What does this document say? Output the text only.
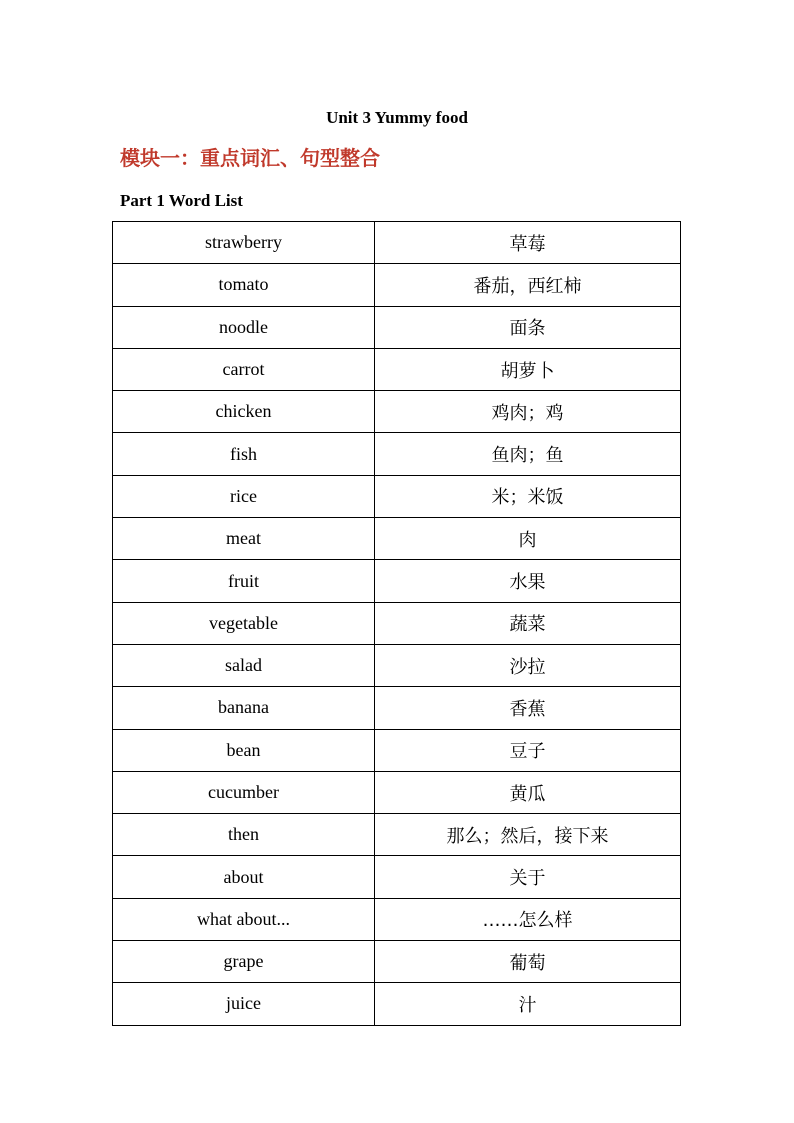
Unit 3 Yummy food
模块一：重点词汇、句型整合
Part 1 Word List
strawberry	草莓
tomato	番茄，西红柿
noodle	面条
carrot	胡萝卜
chicken	鸡肉；鸡
fish	鱼肉；鱼
rice	米；米饭
meat	肉
fruit	水果
vegetable	蔬菜
salad	沙拉
banana	香蕉
bean	豆子
cucumber	黄瓜
then	那么；然后，接下来
about	关于
what about...	……怎么样
grape	葡萄
juice	汁
